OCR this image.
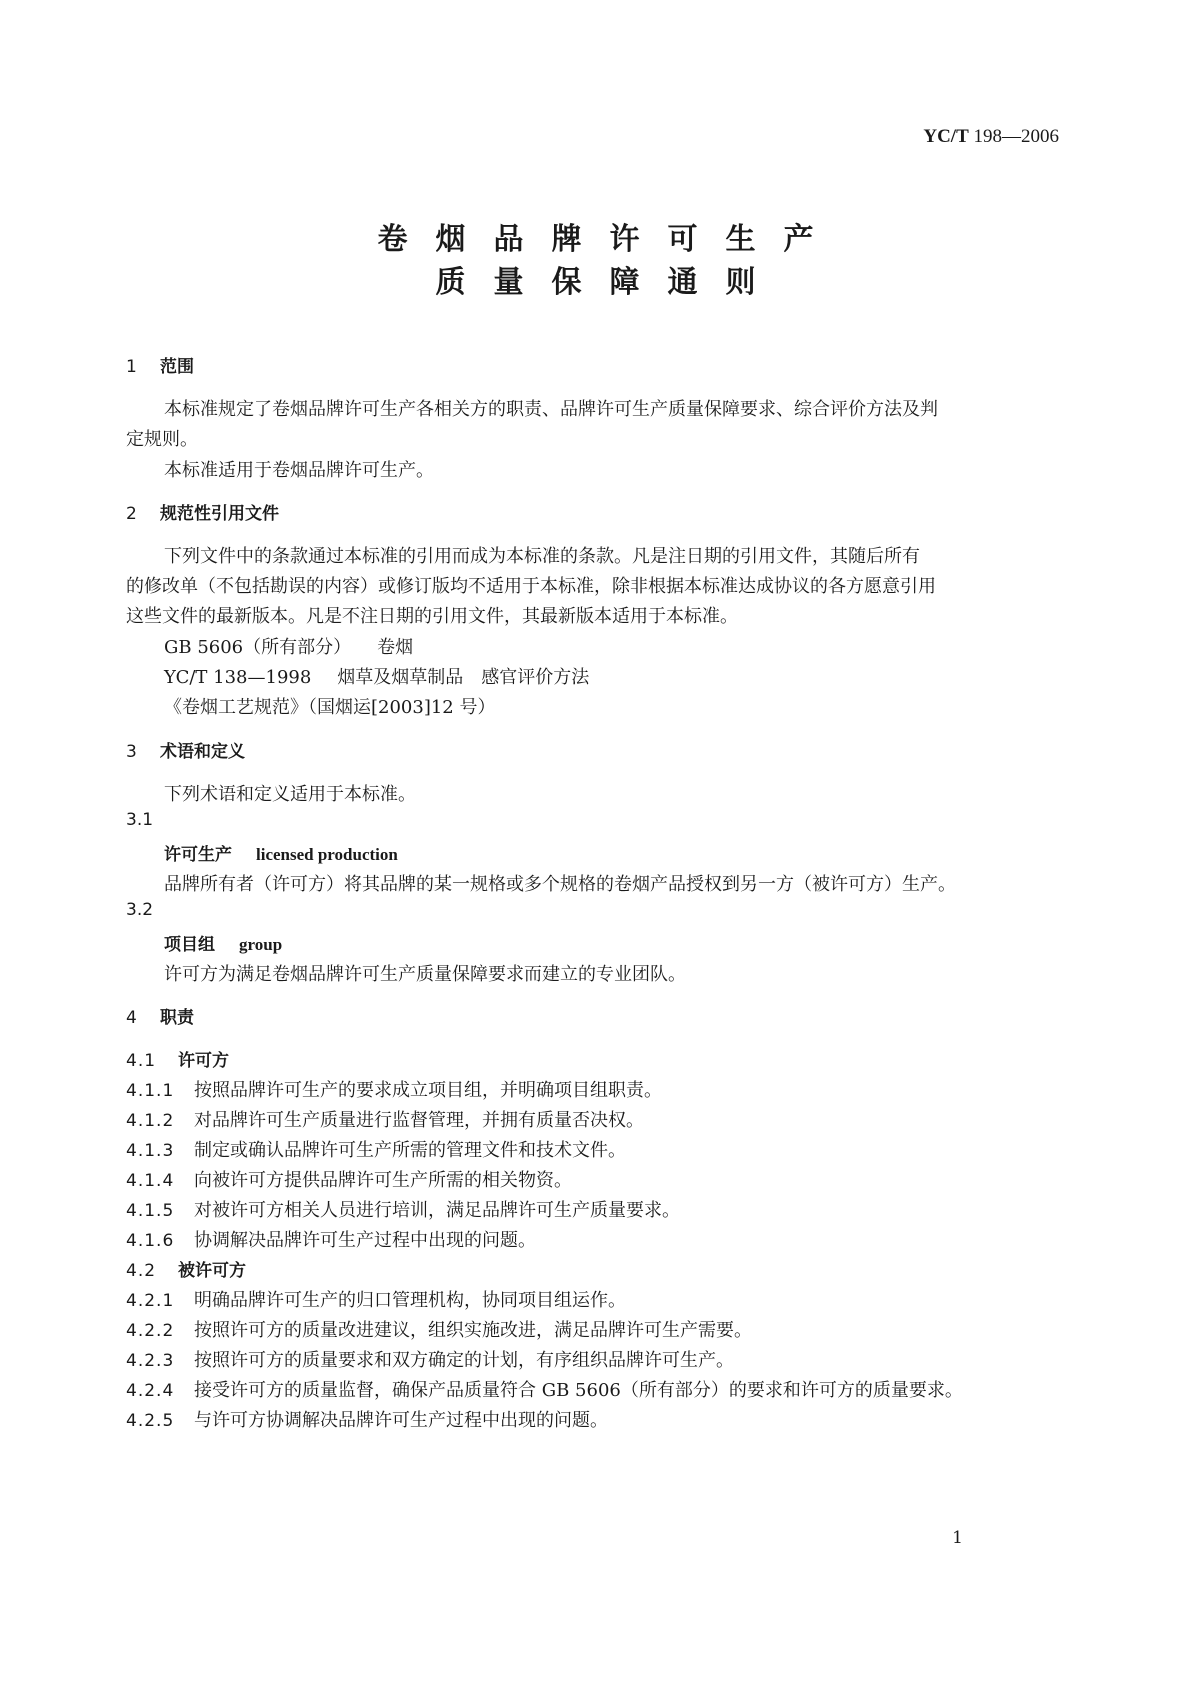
YC/T 198—2006
卷烟品牌许可生产
质量保障通则
1 范围
本标准规定了卷烟品牌许可生产各相关方的职责、品牌许可生产质量保障要求、综合评价方法及判
定规则。
本标准适用于卷烟品牌许可生产。
2 规范性引用文件
下列文件中的条款通过本标准的引用而成为本标准的条款。凡是注日期的引用文件，其随后所有
的修改单（不包括勘误的内容）或修订版均不适用于本标准，除非根据本标准达成协议的各方愿意引用
这些文件的最新版本。凡是不注日期的引用文件，其最新版本适用于本标准。
GB 5606（所有部分） 卷烟
YC/T 138—1998 烟草及烟草制品　感官评价方法
《卷烟工艺规范》（国烟运[2003]12 号）
3 术语和定义
下列术语和定义适用于本标准。
3.1
许可生产 licensed production
品牌所有者（许可方）将其品牌的某一规格或多个规格的卷烟产品授权到另一方（被许可方）生产。
3.2
项目组 group
许可方为满足卷烟品牌许可生产质量保障要求而建立的专业团队。
4 职责
4.1 许可方
4.1.1 按照品牌许可生产的要求成立项目组，并明确项目组职责。
4.1.2 对品牌许可生产质量进行监督管理，并拥有质量否决权。
4.1.3 制定或确认品牌许可生产所需的管理文件和技术文件。
4.1.4 向被许可方提供品牌许可生产所需的相关物资。
4.1.5 对被许可方相关人员进行培训，满足品牌许可生产质量要求。
4.1.6 协调解决品牌许可生产过程中出现的问题。
4.2 被许可方
4.2.1 明确品牌许可生产的归口管理机构，协同项目组运作。
4.2.2 按照许可方的质量改进建议，组织实施改进，满足品牌许可生产需要。
4.2.3 按照许可方的质量要求和双方确定的计划，有序组织品牌许可生产。
4.2.4 接受许可方的质量监督，确保产品质量符合 GB 5606（所有部分）的要求和许可方的质量要求。
4.2.5 与许可方协调解决品牌许可生产过程中出现的问题。
1
